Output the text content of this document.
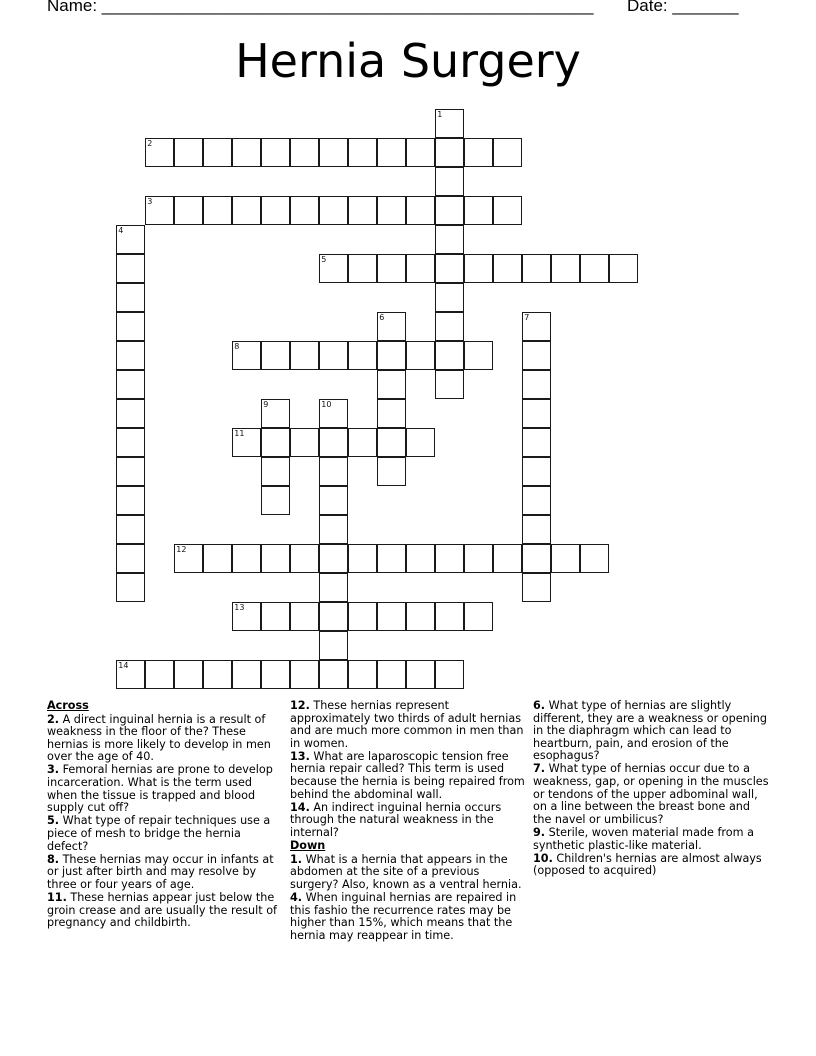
Name: ____________________________________________________ Date: _______
Hernia Surgery
1
2
3
4
5
6	7
8
9	10
11
12
13
14
Across
2. A direct inguinal hernia is a result of weakness in the floor of the? These hernias is more likely to develop in men over the age of 40.
3. Femoral hernias are prone to develop incarceration. What is the term used when the tissue is trapped and blood supply cut off?
5. What type of repair techniques use a piece of mesh to bridge the hernia defect?
8. These hernias may occur in infants at or just after birth and may resolve by three or four years of age.
11. These hernias appear just below the groin crease and are usually the result of pregnancy and childbirth.
12. These hernias represent approximately two thirds of adult hernias and are much more common in men than in women.
13. What are laparoscopic tension free hernia repair called? This term is used because the hernia is being repaired from behind the abdominal wall.
14. An indirect inguinal hernia occurs through the natural weakness in the internal?
Down
1. What is a hernia that appears in the abdomen at the site of a previous surgery? Also, known as a ventral hernia.
4. When inguinal hernias are repaired in this fashio the recurrence rates may be higher than 15%, which means that the hernia may reappear in time.
6. What type of hernias are slightly different, they are a weakness or opening in the diaphragm which can lead to heartburn, pain, and erosion of the esophagus?
7. What type of hernias occur due to a weakness, gap, or opening in the muscles or tendons of the upper adbominal wall, on a line between the breast bone and the navel or umbilicus?
9. Sterile, woven material made from a synthetic plastic-like material.
10. Children's hernias are almost always (opposed to acquired)
